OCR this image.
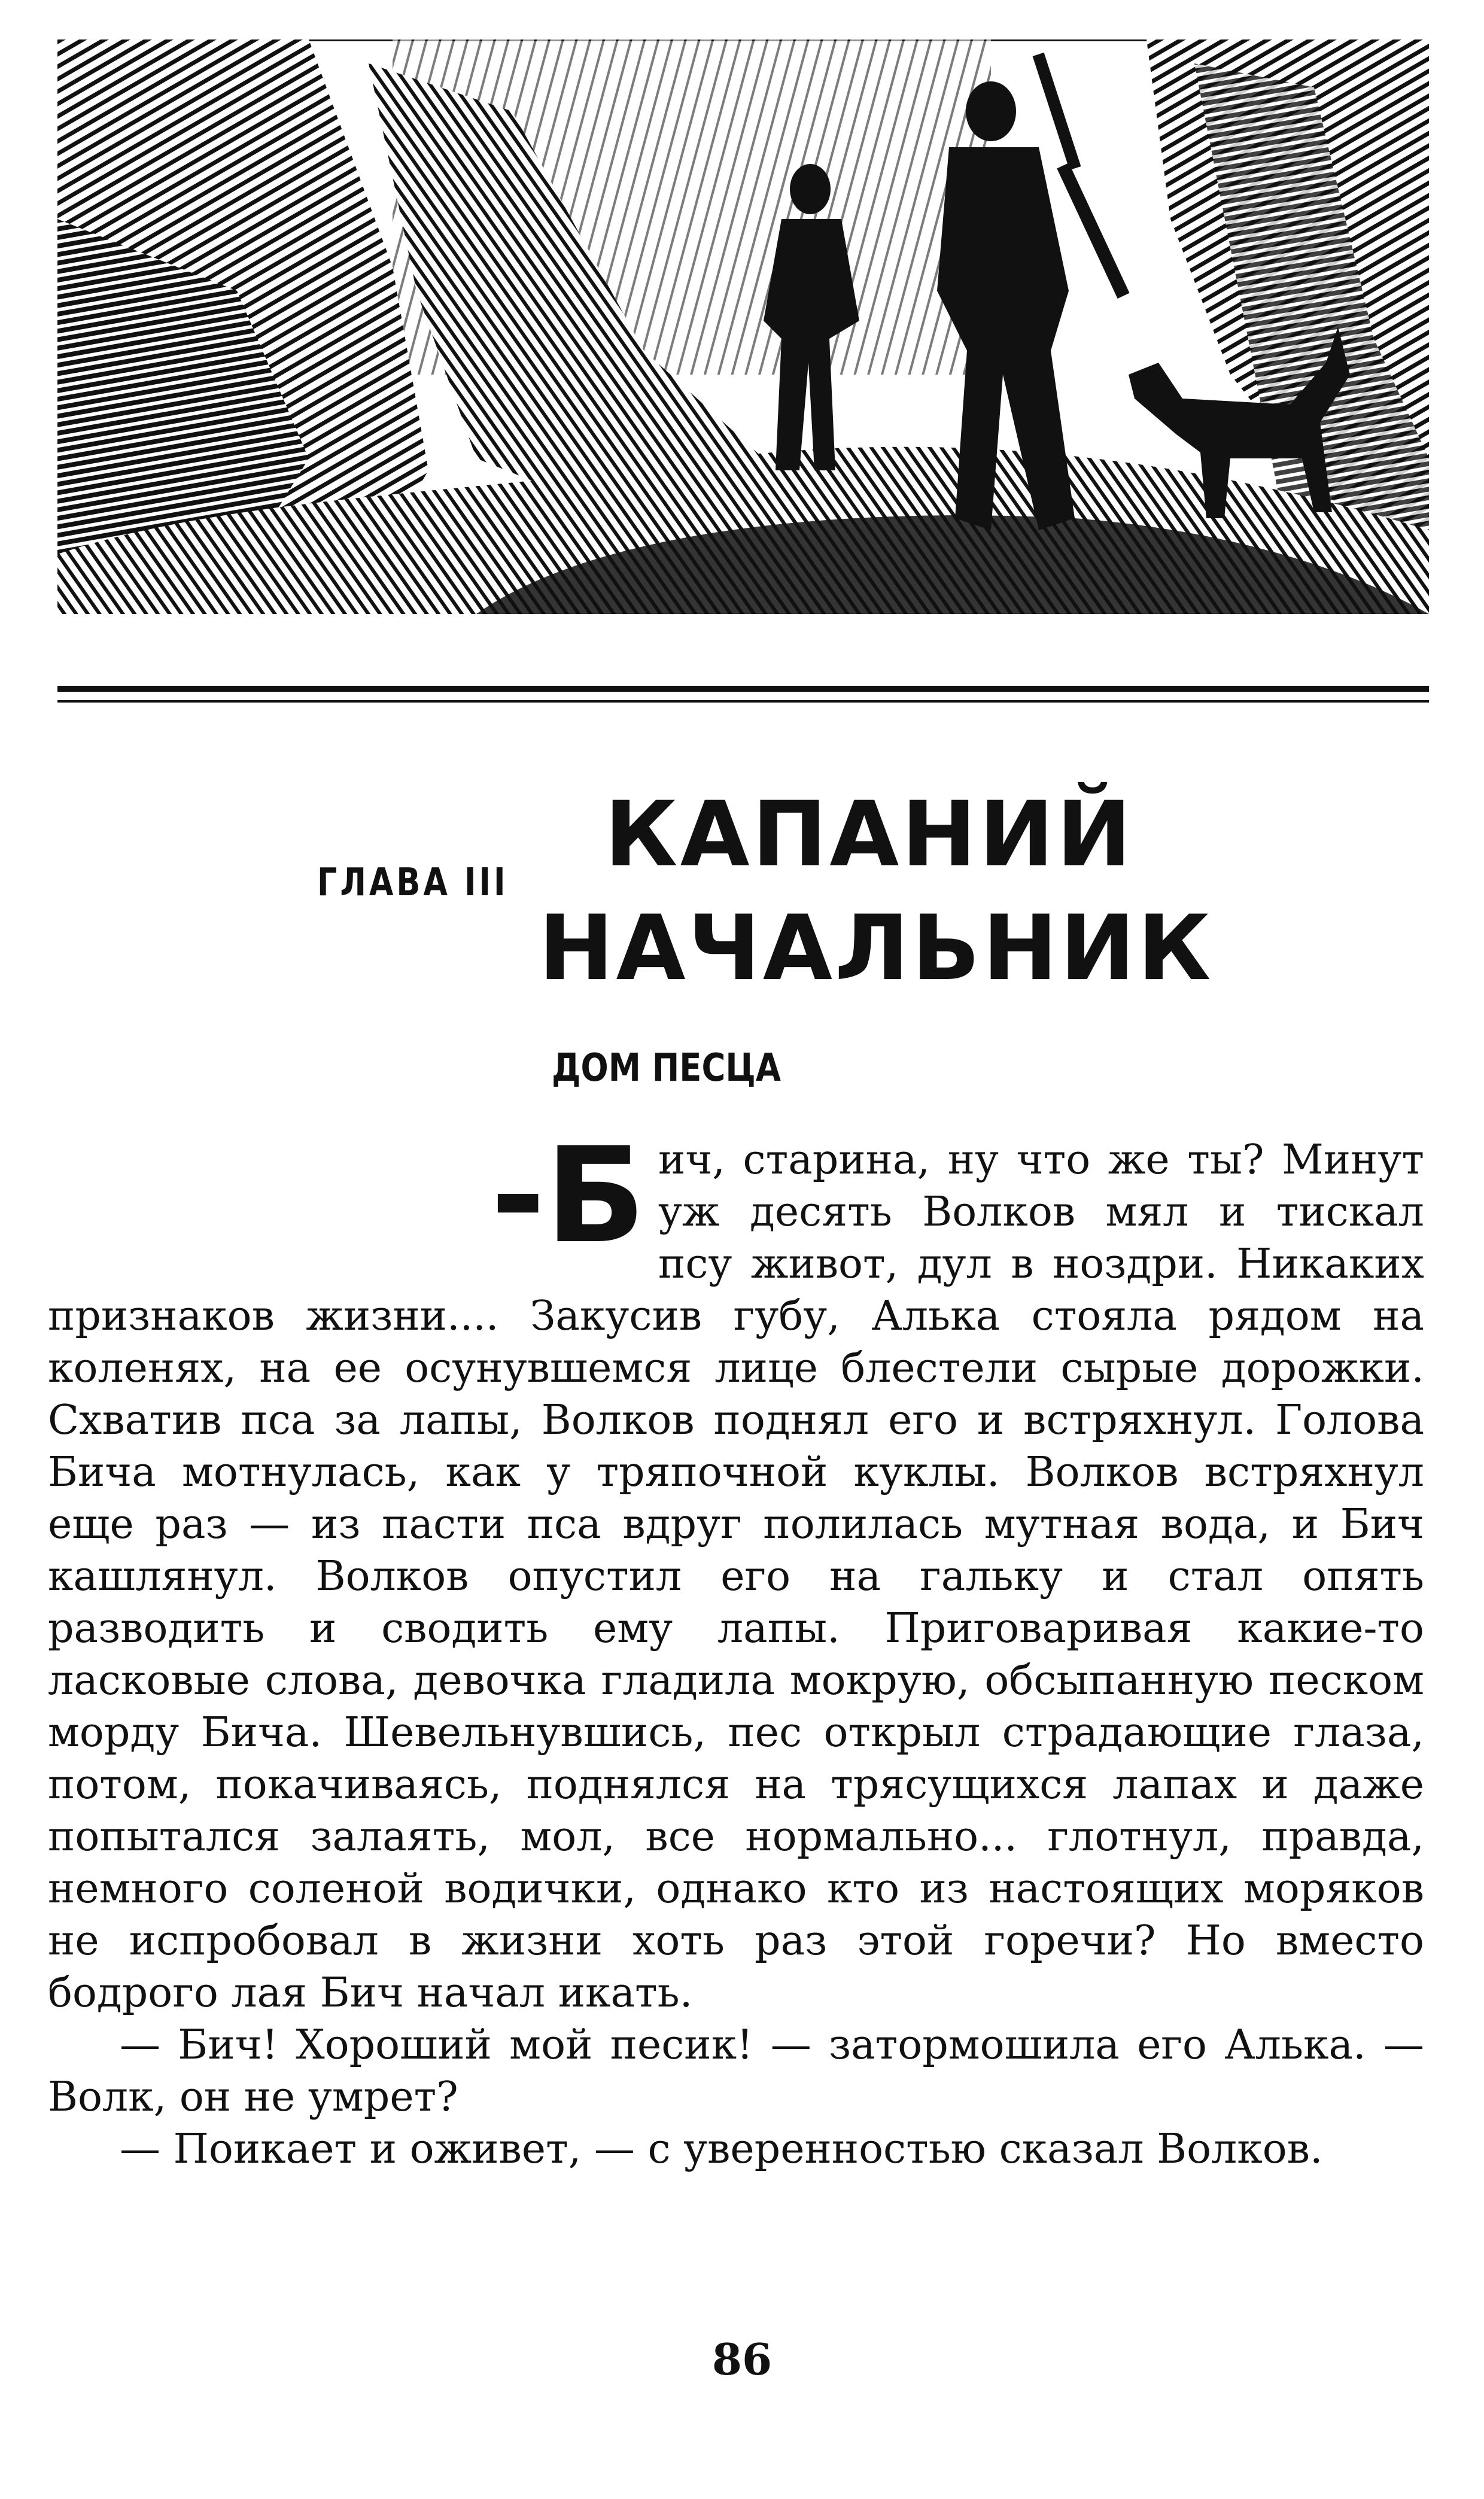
ГЛАВА III	КАПАНИЙ
НАЧАЛЬНИК
ДОМ ПЕСЦА
-Б ич, старина, ну что же ты? Минут уж десять Волков мял и тискал псу живот, дул в ноздри. Никаких признаков жизни.... Закусив губу, Алька стояла рядом на коленях, на ее осунувшемся лице блестели сырые дорожки. Схватив пса за лапы, Волков поднял его и встряхнул. Голова Бича мотнулась, как у тряпочной куклы. Волков встряхнул еще раз — из пасти пса вдруг полилась мутная вода, и Бич кашлянул. Волков опустил его на гальку и стал опять разводить и сводить ему лапы. Приговаривая какие-то ласковые слова, девочка гладила мокрую, обсыпанную песком морду Бича. Шевельнувшись, пес открыл страдающие глаза, потом, покачиваясь, поднялся на трясущихся лапах и даже попытался залаять, мол, все нормально... глотнул, правда, немного соленой водички, однако кто из настоящих моряков не испробовал в жизни хоть раз этой горечи? Но вместо бодрого лая Бич начал икать.

— Бич! Хороший мой песик! — затормошила его Алька. — Волк, он не умрет?

— Поикает и оживет, — с уверенностью сказал Волков.

86
